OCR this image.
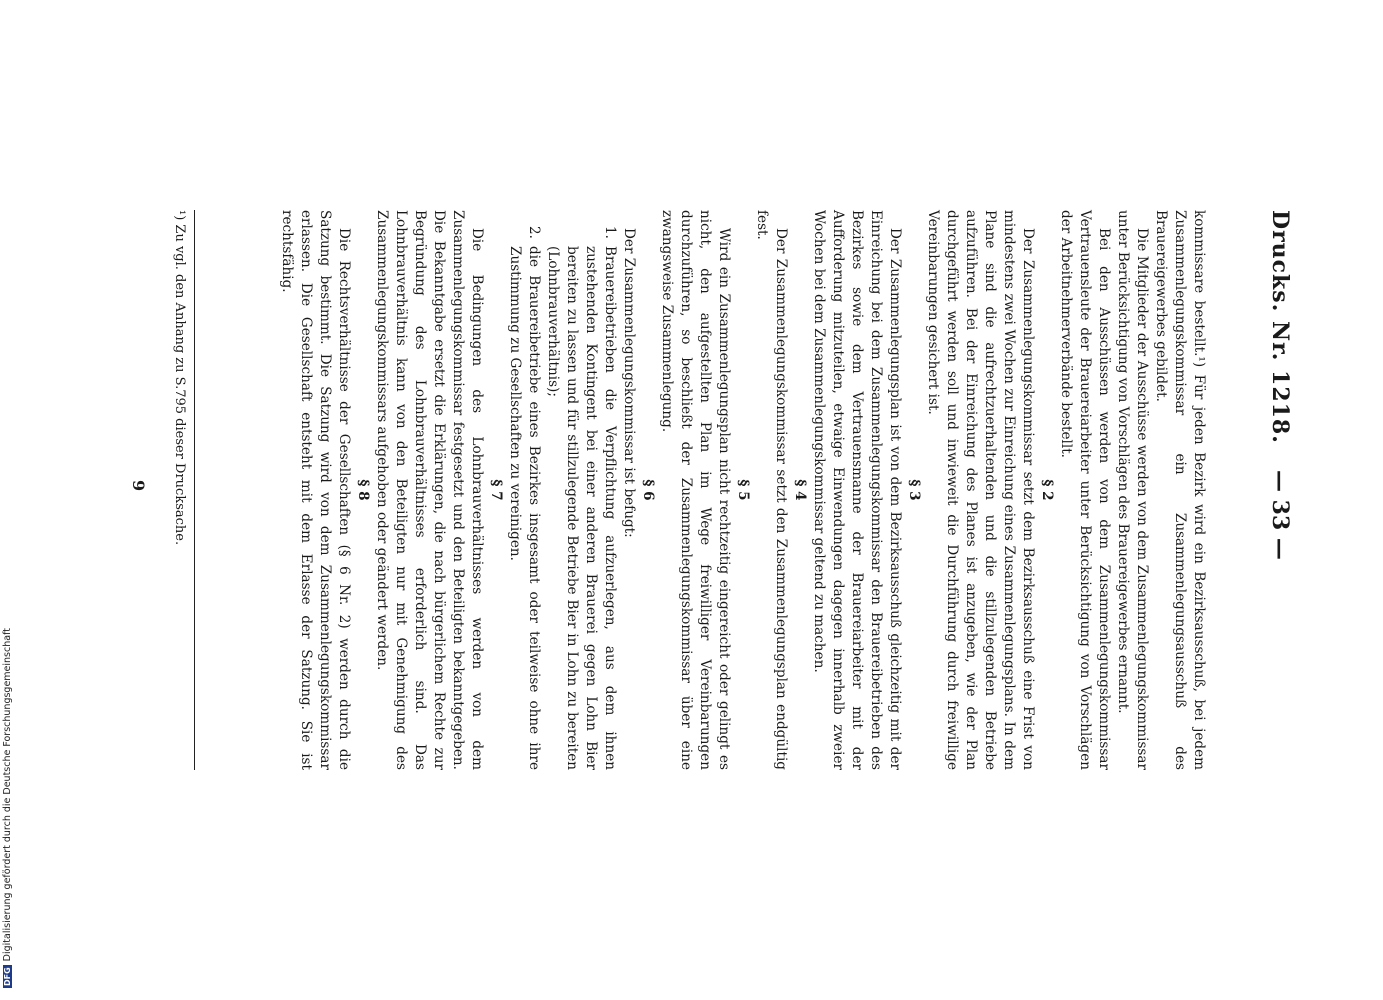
Drucks. Nr. 1218.
— 33 —

kommissare bestellt.¹) Für jeden Bezirk wird ein Bezirksausschuß, bei jedem Zusammenlegungskommissar ein Zusammenlegungsausschuß des Brauereigewerbes gebildet.

Die Mitglieder der Ausschüsse werden von dem Zusammenlegungskommissar unter Berücksichtigung von Vorschlägen des Brauereigewerbes ernannt.

Bei den Ausschüssen werden von dem Zusammenlegungskommissar Vertrauensleute der Brauereiarbeiter unter Berücksichtigung von Vorschlägen der Arbeitnehmerverbände bestellt.

§ 2

Der Zusammenlegungskommissar setzt dem Bezirksausschuß eine Frist von mindestens zwei Wochen zur Einreichung eines Zusammenlegungsplans. In dem Plane sind die aufrechtzuerhaltenden und die stillzulegenden Betriebe aufzuführen. Bei der Einreichung des Planes ist anzugeben, wie der Plan durchgeführt werden soll und inwieweit die Durchführung durch freiwillige Vereinbarungen gesichert ist.

§ 3

Der Zusammenlegungsplan ist von dem Bezirksausschuß gleichzeitig mit der Einreichung bei dem Zusammenlegungskommissar den Brauereibetrieben des Bezirkes sowie dem Vertrauensmanne der Brauereiarbeiter mit der Aufforderung mitzuteilen, etwaige Einwendungen dagegen innerhalb zweier Wochen bei dem Zusammenlegungskommissar geltend zu machen.

§ 4

Der Zusammenlegungskommissar setzt den Zusammenlegungsplan endgültig fest.

§ 5

Wird ein Zusammenlegungsplan nicht rechtzeitig eingereicht oder gelingt es nicht, den aufgestellten Plan im Wege freiwilliger Vereinbarungen durchzuführen, so beschließt der Zusammenlegungskommissar über eine zwangsweise Zusammenlegung.

§ 6

Der Zusammenlegungskommissar ist befugt:

1.
Brauereibetrieben die Verpflichtung aufzuerlegen, aus dem ihnen zustehenden Kontingent bei einer anderen Brauerei gegen Lohn Bier bereiten zu lassen und für stillzulegende Betriebe Bier in Lohn zu bereiten (Lohnbrauverhältnis);
2.
die Brauereibetriebe eines Bezirkes insgesamt oder teilweise ohne ihre Zustimmung zu Gesellschaften zu vereinigen.

§ 7

Die Bedingungen des Lohnbrauverhältnisses werden von dem Zusammenlegungskommissar festgesetzt und den Beteiligten bekanntgegeben. Die Bekanntgabe ersetzt die Erklärungen, die nach bürgerlichem Rechte zur Begründung des Lohnbrauverhältnisses erforderlich sind. Das Lohnbrauverhältnis kann von den Beteiligten nur mit Genehmigung des Zusammenlegungskommissars aufgehoben oder geändert werden.

§ 8

Die Rechtsverhältnisse der Gesellschaften (§ 6 Nr. 2) werden durch die Satzung bestimmt. Die Satzung wird von dem Zusammenlegungskommissar erlassen. Die Gesellschaft entsteht mit dem Erlasse der Satzung. Sie ist rechtsfähig.

¹) Zu vgl. den Anhang zu S.795 dieser Drucksache.
9
DFGDigitalisierung gefördert durch die Deutsche Forschungsgemeinschaft
